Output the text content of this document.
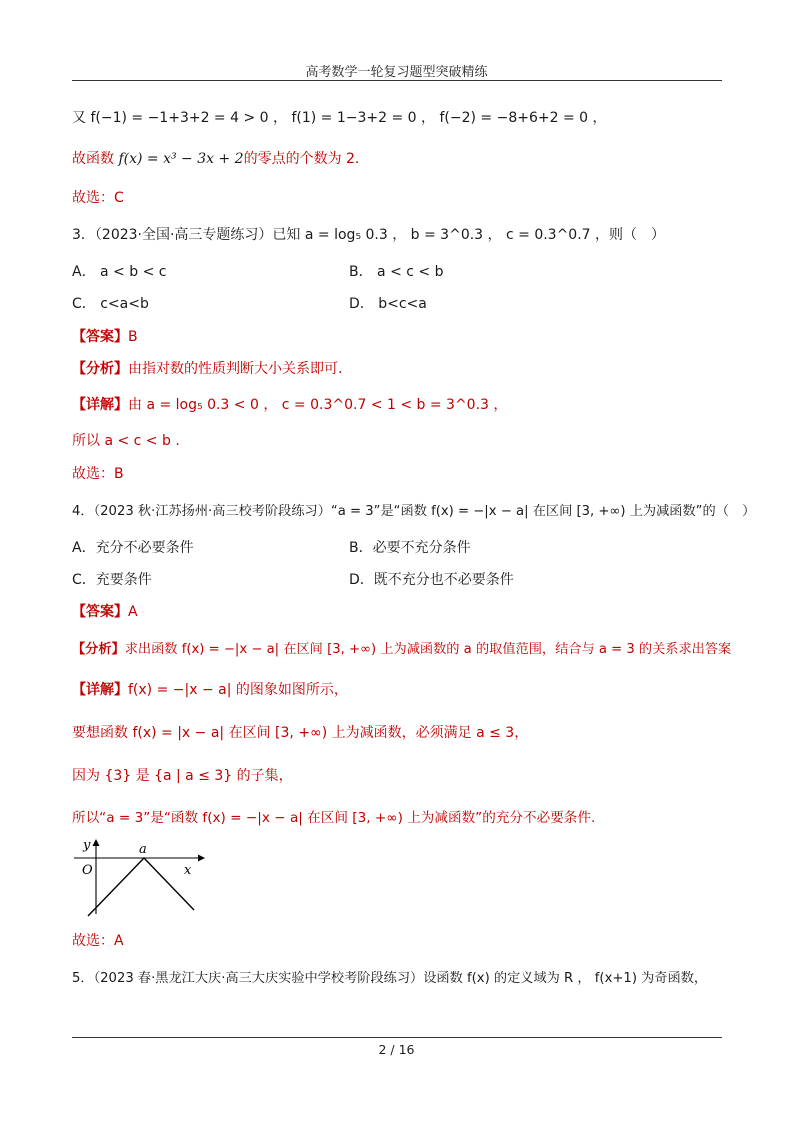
高考数学一轮复习题型突破精练
又 f(−1) = −1+3+2 = 4 > 0 ， f(1) = 1−3+2 = 0 ， f(−2) = −8+6+2 = 0 ，
故函数 f(x) = x³ − 3x + 2的零点的个数为 2.
故选：C
3．（2023·全国·高三专题练习）已知 a = log₅ 0.3 ， b = 3^0.3 ， c = 0.3^0.7 ，则（　）
A． a < b < c	B． a < c < b
C． c<a<b	D． b<c<a
【答案】B
【分析】由指对数的性质判断大小关系即可.
【详解】由 a = log₅ 0.3 < 0 ， c = 0.3^0.7 < 1 < b = 3^0.3 ，
所以 a < c < b .
故选：B
4．（2023 秋·江苏扬州·高三校考阶段练习）“a = 3”是“函数 f(x) = −|x − a| 在区间 [3, +∞) 上为减函数”的（　）
A．充分不必要条件	B．必要不充分条件
C．充要条件	D．既不充分也不必要条件
【答案】A
【分析】求出函数 f(x) = −|x − a| 在区间 [3, +∞) 上为减函数的 a 的取值范围，结合与 a = 3 的关系求出答案
【详解】f(x) = −|x − a| 的图象如图所示，
要想函数 f(x) = |x − a| 在区间 [3, +∞) 上为减函数，必须满足 a ≤ 3，
因为 {3} 是 {a | a ≤ 3} 的子集，
所以“a = 3”是“函数 f(x) = −|x − a| 在区间 [3, +∞) 上为减函数”的充分不必要条件.
y
x
O
a
故选：A
5．（2023 春·黑龙江大庆·高三大庆实验中学校考阶段练习）设函数 f(x) 的定义域为 R ， f(x+1) 为奇函数，
2 / 16
